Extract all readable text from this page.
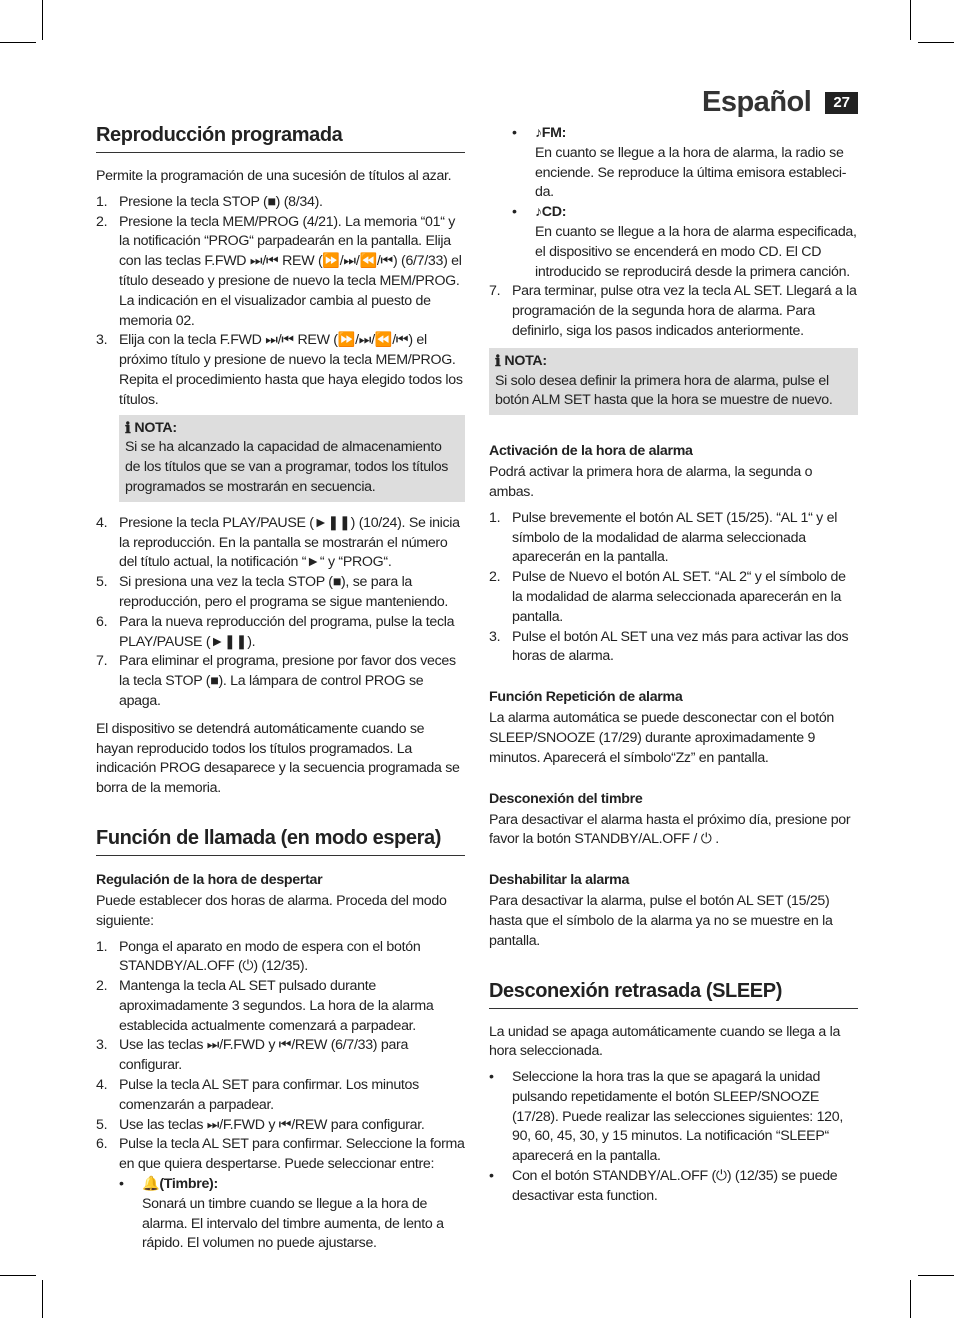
Español	27
Reproducción programada

Permite la programación de una sucesión de títulos al azar.

1. Presione la tecla STOP (■) (8/34).
2. Presione la tecla MEM/PROG (4/21). La memoria “01“ y la notificación “PROG“ parpadearán en la pantalla. Elija con las teclas F.FWD ⏭/⏮ REW (⏩/⏭/⏪/⏮) (6/7/33) el título deseado y presione de nuevo la tecla MEM/PROG. La indicación en el visualizador cambia al puesto de memoria 02.
3. Elija con la tecla F.FWD ⏭/⏮ REW (⏩/⏭/⏪/⏮) el próximo título y presione de nuevo la tecla MEM/PROG. Repita el procedimiento hasta que haya elegido todos los títulos.
ℹ NOTA:

Si se ha alcanzado la capacidad de almacenamiento de los títulos que se van a programar, todos los títulos programados se mostrarán en secuencia.

4. Presione la tecla PLAY/PAUSE (►❚❚) (10/24). Se inicia la reproducción. En la pantalla se mostrarán el número del título actual, la notificación “►“ y “PROG“.
5. Si presiona una vez la tecla STOP (■), se para la reproducción, pero el programa se sigue manteniendo.
6. Para la nueva reproducción del programa, pulse la tecla PLAY/PAUSE (►❚❚).
7. Para eliminar el programa, presione por favor dos veces la tecla STOP (■). La lámpara de control PROG se apaga.

El dispositivo se detendrá automáticamente cuando se hayan reproducido todos los títulos programados. La indicación PROG desaparece y la secuencia programada se borra de la memoria.

Función de llamada (en modo espera)
Regulación de la hora de despertar

Puede establecer dos horas de alarma. Proceda del modo siguiente:

1. Ponga el aparato en modo de espera con el botón STANDBY/AL.OFF (⏻) (12/35).
2. Mantenga la tecla AL SET pulsado durante aproximadamente 3 segundos. La hora de la alarma establecida actualmente comenzará a parpadear.
3. Use las teclas ⏭/F.FWD y ⏮/REW (6/7/33) para configurar.
4. Pulse la tecla AL SET para confirmar. Los minutos comenzarán a parpadear.
5. Use las teclas ⏭/F.FWD y ⏮/REW para configurar.
6. Pulse la tecla AL SET para confirmar. Seleccione la forma en que quiera despertarse. Puede seleccionar entre:
•	🔔(Timbre):
Sonará un timbre cuando se llegue a la hora de alarma. El intervalo del timbre aumenta, de lento a rápido. El volumen no puede ajustarse.
•	♪FM:
En cuanto se llegue a la hora de alarma, la radio se enciende. Se reproduce la última emisora estableci-da.
•	♪CD:
En cuanto se llegue a la hora de alarma especificada, el dispositivo se encenderá en modo CD. El CD introducido se reproducirá desde la primera canción.
7. Para terminar, pulse otra vez la tecla AL SET. Llegará a la programación de la segunda hora de alarma. Para definirlo, siga los pasos indicados anteriormente.
ℹ NOTA:

Si solo desea definir la primera hora de alarma, pulse el botón ALM SET hasta que la hora se muestre de nuevo.

Activación de la hora de alarma

Podrá activar la primera hora de alarma, la segunda o ambas.

1. Pulse brevemente el botón AL SET (15/25). “AL 1“ y el símbolo de la modalidad de alarma seleccionada aparecerán en la pantalla.
2. Pulse de Nuevo el botón AL SET. “AL 2“ y el símbolo de la modalidad de alarma seleccionada aparecerán en la pantalla.
3. Pulse el botón AL SET una vez más para activar las dos horas de alarma.
Función Repetición de alarma

La alarma automática se puede desconectar con el botón SLEEP/SNOOZE (17/29) durante aproximadamente 9 minutos. Aparecerá el símbolo“Zz” en pantalla.

Desconexión del timbre

Para desactivar el alarma hasta el próximo día, presione por favor la botón STANDBY/AL.OFF / ⏻ .

Deshabilitar la alarma

Para desactivar la alarma, pulse el botón AL SET (15/25) hasta que el símbolo de la alarma ya no se muestre en la pantalla.

Desconexión retrasada (SLEEP)

La unidad se apaga automáticamente cuando se llega a la hora seleccionada.

•	Seleccione la hora tras la que se apagará la unidad pulsando repetidamente el botón SLEEP/SNOOZE (17/28). Puede realizar las selecciones siguientes: 120, 90, 60, 45, 30, y 15 minutos. La notificación “SLEEP“ aparecerá en la pantalla.
•	Con el botón STANDBY/AL.OFF (⏻) (12/35) se puede desactivar esta function.
